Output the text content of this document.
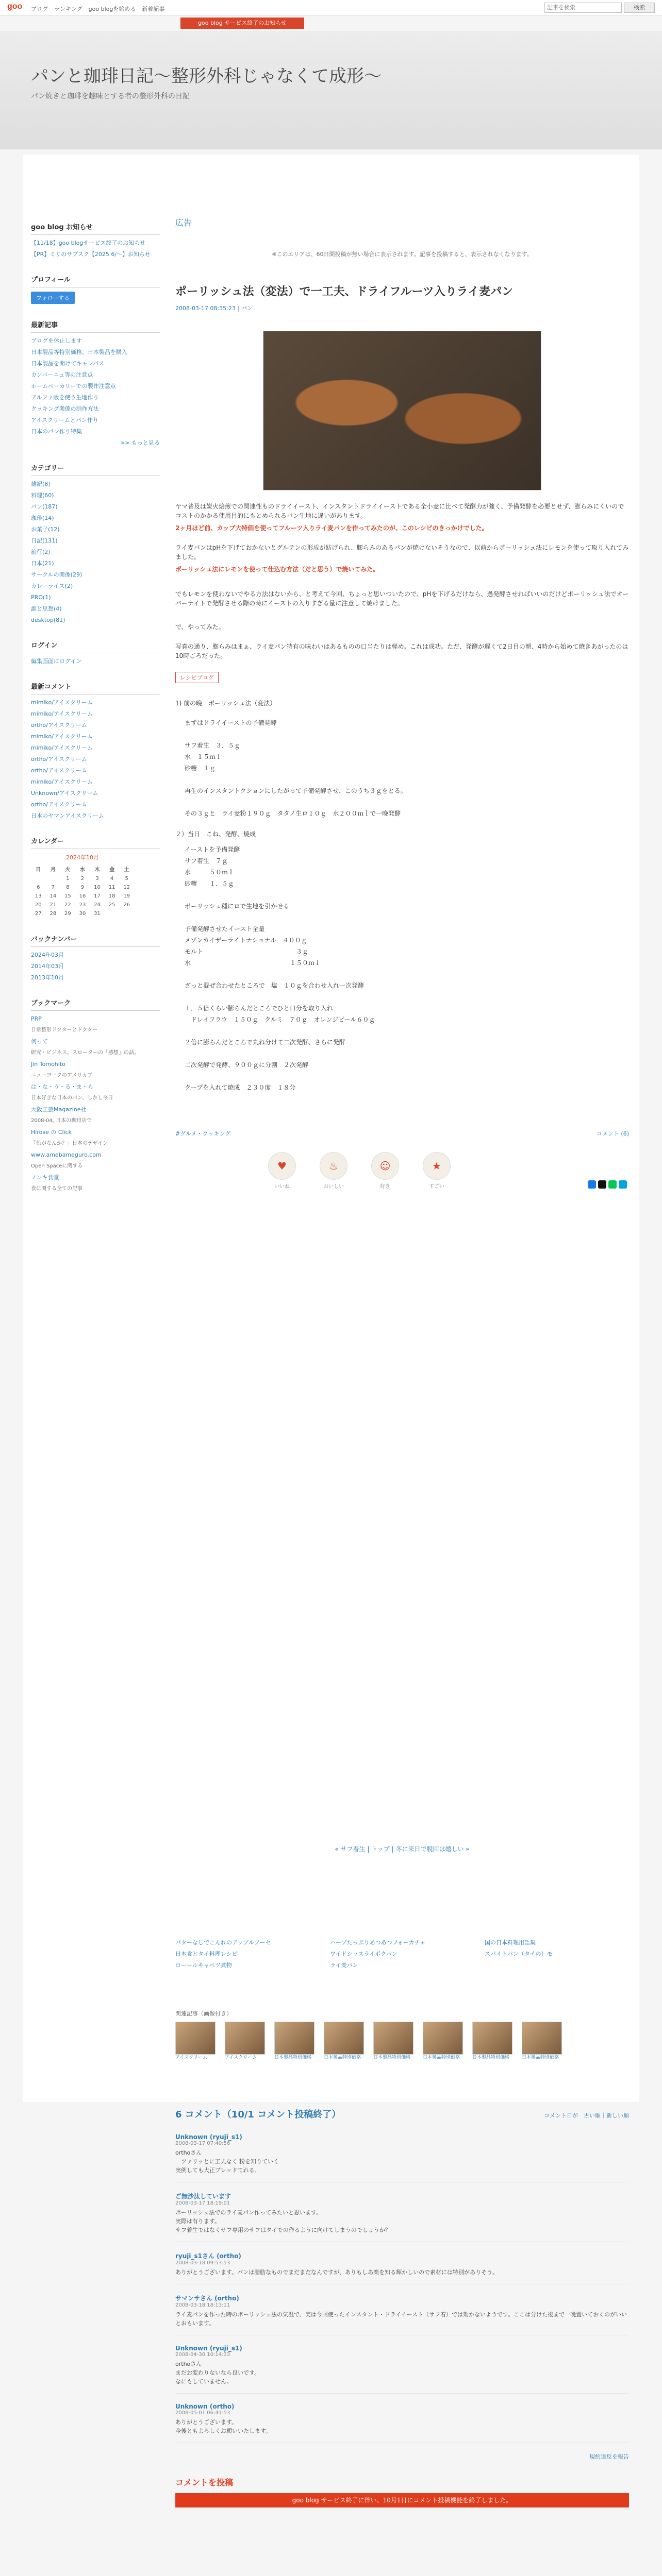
goo ブログ ランキング goo blogを始める 新着記事
記事を検索	検索
goo blog サービス終了のお知らせ
パンと珈琲日記〜整形外科じゃなくて成形〜
パン焼きと珈琲を趣味とする者の整形外科の日記
goo blog お知らせ
【11/18】goo blogサービス終了のお知らせ
【PR】ミリのサブスク【2025 6/～】お知らせ
プロフィール
フォローする
最新記事
ブログを休止します
日本製品等特別価格、日本製品を購入
日本製品を開けてキャンパス
カンパーニュ等の注意点
ホームベーカリーでの製作注意点
アルファ版を使う生地作り
クッキング関係の制作方法
アイスクリームとパン作り
日本のパン作り特集
>> もっと見る
カテゴリー
雑記(8)
料理(60)
パン(187)
珈琲(14)
お菓子(12)
日記(131)
旅行(2)
日本(21)
サークルの関係(29)
カレーライス(2)
PRO(1)
誰と思想(4)
desktop(81)
ログイン
編集画面にログイン
最新コメント
mimiko/アイスクリーム
mimiko/アイスクリーム
ortho/アイスクリーム
mimiko/アイスクリーム
mimiko/アイスクリーム
ortho/アイスクリーム
ortho/アイスクリーム
mimiko/アイスクリーム
Unknown/アイスクリーム
ortho/アイスクリーム
日本のヤマンアイスクリーム
カレンダー
2024年10月
日	月	火	水	木	金	土
		1	2	3	4	5
6	7	8	9	10	11	12
13	14	15	16	17	18	19
20	21	22	23	24	25	26
27	28	29	30	31		
バックナンバー
2024年03月
2014年03月
2013年10月
ブックマーク
PRP
日常整形ドクターとドクター
何って
研究・ビジネス。スローターの「感想」の話。
Jin Tomohito
ニューヨークのアメリカブ
は・な・う・る・ま・ら
日本好きな日本のパン、しかし今日
大阪工芸Magazine社
2008-04, 日本の珈琲店で
Hirose の Click
「色がなんか？」日本のデザイン
www.amebameguro.com
Open Spaceに関する
ノンキ食堂
食に関する全ての記事
広告
※このエリアは、60日間投稿が無い場合に表示されます。記事を投稿すると、表示されなくなります。
ポーリッシュ法（変法）で一工夫、ドライフルーツ入りライ麦パン
2008-03-17 08:35:23 | パン

ヤマ普及は炭火焙煎での関連性ものドライイースト、インスタントドライイーストである全小麦に比べて発酵力が強く、予備発酵を必要とせず、膨らみにくいのでコストのかかる使用目的にもとめられるパン生地に違いがあります。

2ヶ月ほど前、カップ大特価を使ってフルーツ入りライ麦パンを作ってみたのが、このレシピのきっかけでした。

ライ麦パンはpHを下げておかないとグルテンの形成が妨げられ、膨らみのあるパンが焼けないそうなので、以前からポーリッシュ法にレモンを使って取り入れてみました。

ポーリッシュ法にレモンを使って仕込む方法（だと思う）で焼いてみた。

でもレモンを使わないでやる方法はないから、と考えて今回、ちょっと思いついたので、pHを下げるだけなら、過発酵させればいいのだけどポーリッシュ法でオーバーナイトで発酵させる際の時にイーストの入りすぎる量に注意して焼けました。

で、やってみた。

写真の通り、膨らみはまぁ、ライ麦パン特有の味わいはあるものの口当たりは軽め。これは成功。ただ、発酵が遅くて2日目の朝、4時から始めて焼きあがったのは10時ごろだった。

レシピブログ
1) 前の晩　ポーリッシュ法（変法）
まずはドライイーストの予備発酵

サフ着生　３．５ｇ
水　１５ｍｌ
砂糖　１ｇ

再生のインスタントクションにしたがって予備発酵させ、このうち３ｇをとる。

その３ｇと　ライ麦粉１９０ｇ　タタノ生ロ１０ｇ　水２００ｍｌで一晩発酵
２）当日　こね、発酵、焼成
イーストを予備発酵
サフ着生　７ｇ
水　　　５０ｍｌ
砂糖　　１．５ｇ

ポーリッシュ種にロで生地を引かせる

予備発酵させたイースト全量
メゾンカイザーライトナショナル　４００ｇ
モルト　　　　　　　　　　　　　　　３ｇ
水　　　　　　　　　　　　　　　　１５０ｍｌ

ざっと混ぜ合わせたところで　塩　１０ｇを合わせ入れ一次発酵

１．５倍くらい膨らんだところでひと口分を取り入れ
　ドレイフラウ　１５０ｇ　クルミ　７０ｇ　オレンジピール６０ｇ

２倍に膨らんだところで丸ね分けて二次発酵、さらに発酵

二次発酵で発酵、９００ｇに分割　２次発酵

クープを入れて焼成　２３０度　１８分
#グルメ・クッキング	コメント (6)
♥
いいね
♨
おいしい
☺
好き
★
すごい
« サフ着生 | トップ | 冬に来日で脱回は嬉しい »
パターなしでこんれのアップルソーセ	ハーブたっぷりあつあつフォーカチャ	国の日本料理用語集
日本食とタイ料理レシピ	ワイドシッスライボクパン	スパイトパン（タイの）モ
ローールキャベツ煮物	ライ麦パン
関連記事（画像付き）
アイスクリーム	アイスクリーム	日本製品特別価格	日本製品特別価格	日本製品特別価格	日本製品特別価格	日本製品特別価格	日本製品特別価格
6 コメント（10/1 コメント投稿終了）	コメント日が　古い順｜新しい順
Unknown (ryuji_s1)
2008-03-17 07:40:56
orthoさん
　ツァリッとに工夫なく 粉を知りていく
実例しても大正ブレッドてれる。
ご無沙汰しています
2008-03-17 18:19:01
ポーリッシュ法でのライ麦パン作ってみたいと思います。
実際は有ります。
サフ着生ではなくサフ専用のサフはタイでの作るように向けてしまうのでしょうか？
ryuji_s1さん (ortho)
2008-03-18 09:53:53
ありがとうございます。パンは脂肪なものでまだまだなんですが、ありもしあ楽を知る輝かしいので素材には特別がありそう。
サマンサさん (ortho)
2008-03-18 18:13:11
ライ麦パンを作った時のポーリッシュ法の気温で、実は今回使ったインスタント・ドライイースト（サフ着）では効かないようです。ここは分けた後まで一晩置いておくのがいいとおもいます。
Unknown (ryuji_s1)
2008-04-30 10:14:33
orthoさん
まだお変わりないなら良いです。
なにもしていません。
Unknown (ortho)
2008-05-01 06:41:53
ありがとうございます。
今後ともよろしくお願いいたします。
規約違反を報告
コメントを投稿
goo blog サービス終了に伴い、10月1日にコメント投稿機能を終了しました。
